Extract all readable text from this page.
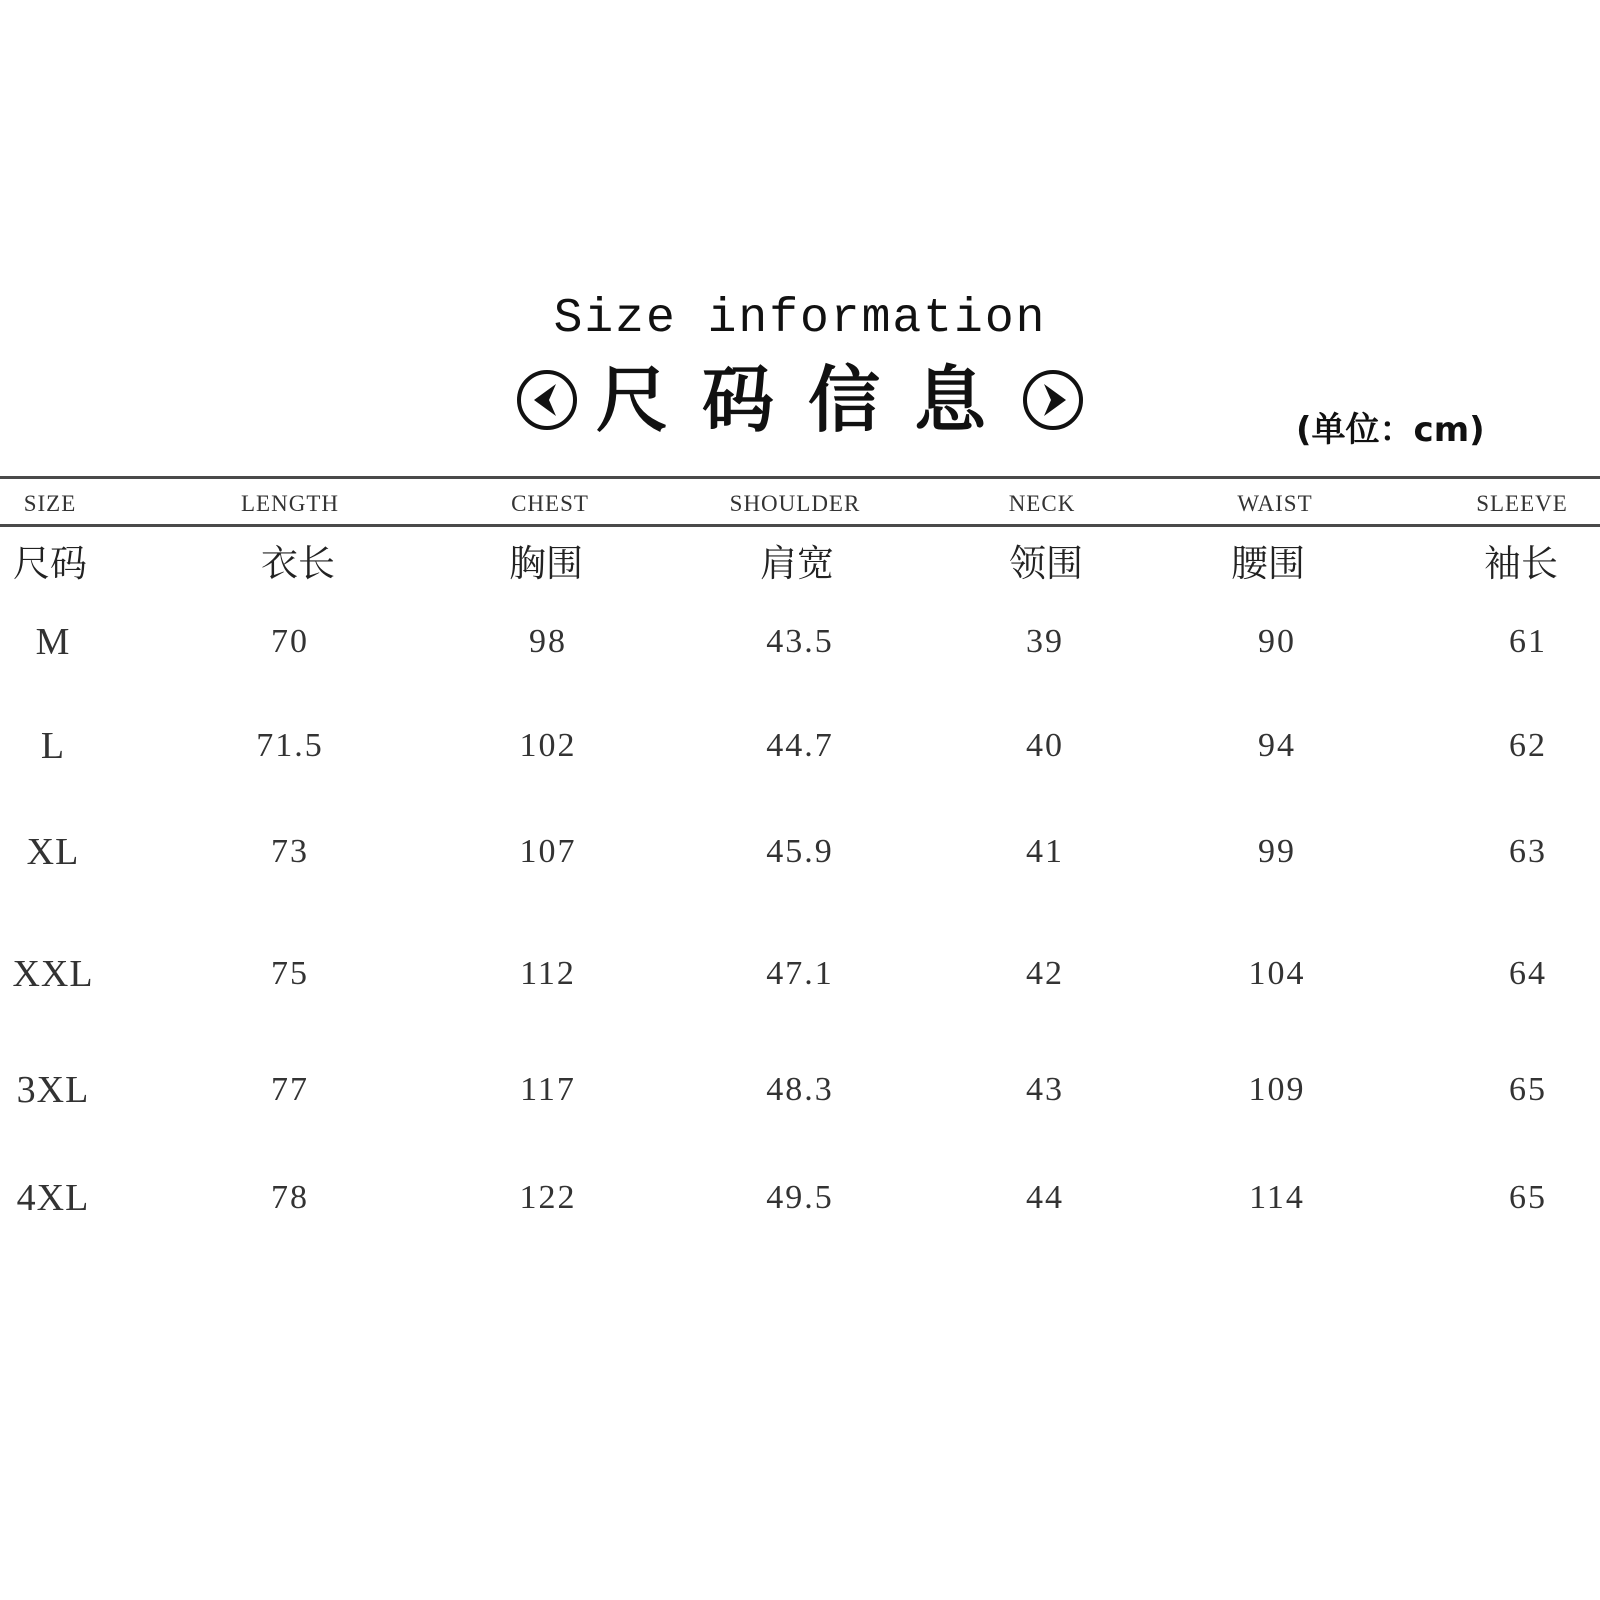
Size information
尺码信息	(单位：cm)
SIZE	LENGTH	CHEST	SHOULDER	NECK	WAIST	SLEEVE
尺码	衣长	胸围	肩宽	领围	腰围	袖长
M	70	98	43.5	39	90	61
L	71.5	102	44.7	40	94	62
XL	73	107	45.9	41	99	63
XXL	75	112	47.1	42	104	64
3XL	77	117	48.3	43	109	65
4XL	78	122	49.5	44	114	65
